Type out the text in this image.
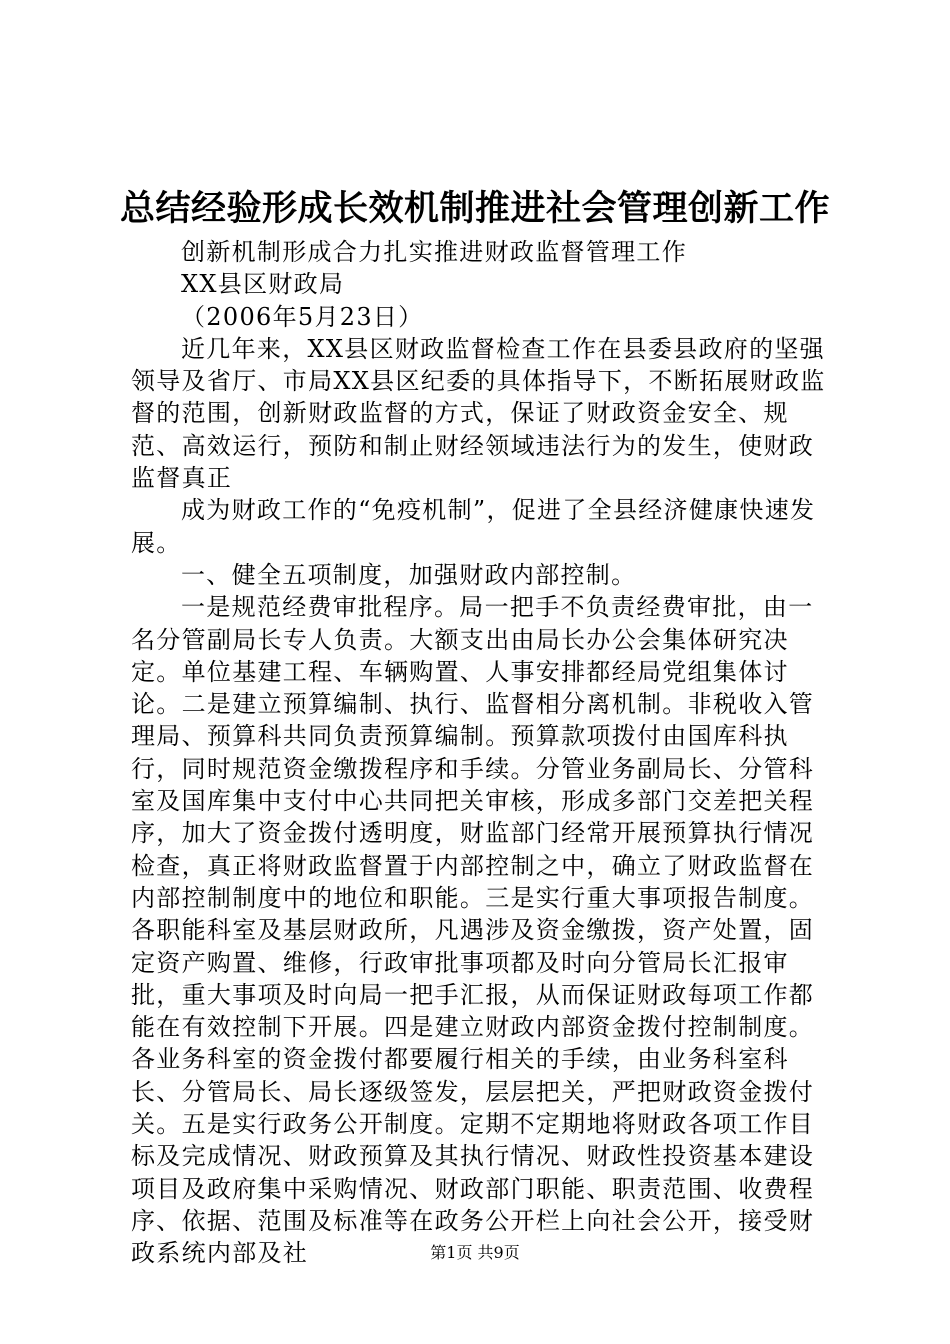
总结经验形成长效机制推进社会管理创新工作

创新机制形成合力扎实推进财政监督管理工作

XX县区财政局

（2006年5月23日）

近几年来，XX县区财政监督检查工作在县委县政府的坚强领导及省厅、市局XX县区纪委的具体指导下，不断拓展财政监督的范围，创新财政监督的方式，保证了财政资金安全、规范、高效运行，预防和制止财经领域违法行为的发生，使财政监督真正

成为财政工作的“免疫机制”，促进了全县经济健康快速发展。

一、健全五项制度，加强财政内部控制。

一是规范经费审批程序。局一把手不负责经费审批，由一名分管副局长专人负责。大额支出由局长办公会集体研究决定。单位基建工程、车辆购置、人事安排都经局党组集体讨论。二是建立预算编制、执行、监督相分离机制。非税收入管理局、预算科共同负责预算编制。预算款项拨付由国库科执行，同时规范资金缴拨程序和手续。分管业务副局长、分管科室及国库集中支付中心共同把关审核，形成多部门交差把关程序，加大了资金拨付透明度，财监部门经常开展预算执行情况检查，真正将财政监督置于内部控制之中，确立了财政监督在内部控制制度中的地位和职能。三是实行重大事项报告制度。各职能科室及基层财政所，凡遇涉及资金缴拨，资产处置，固定资产购置、维修，行政审批事项都及时向分管局长汇报审批，重大事项及时向局一把手汇报，从而保证财政每项工作都能在有效控制下开展。四是建立财政内部资金拨付控制制度。各业务科室的资金拨付都要履行相关的手续，由业务科室科长、分管局长、局长逐级签发，层层把关，严把财政资金拨付关。五是实行政务公开制度。定期不定期地将财政各项工作目标及完成情况、财政预算及其执行情况、财政性投资基本建设项目及政府集中采购情况、财政部门职能、职责范围、收费程序、依据、范围及标准等在政务公开栏上向社会公开，接受财政系统内部及社	第1页 共9页
